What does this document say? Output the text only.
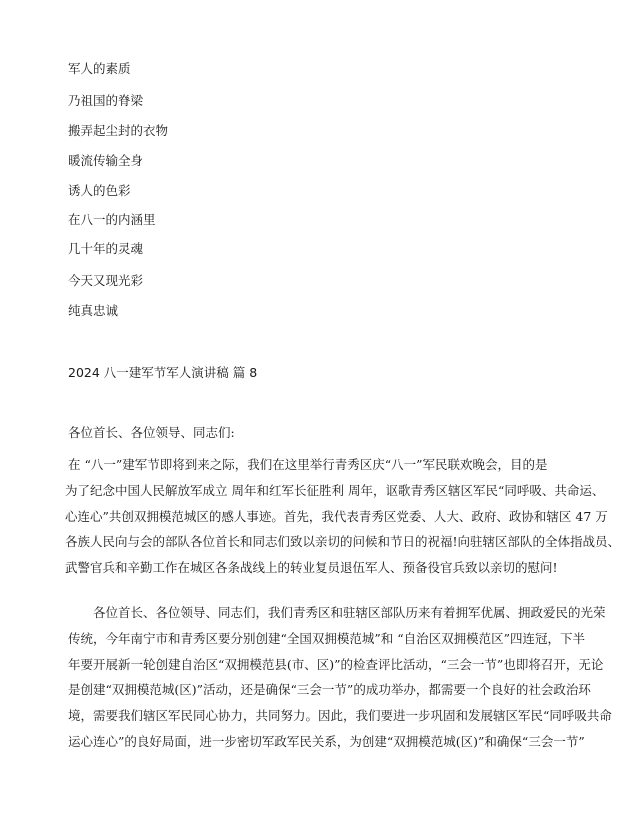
军人的素质
乃祖国的脊梁
搬弄起尘封的衣物
暖流传输全身
诱人的色彩
在八一的内涵里
几十年的灵魂
今天又现光彩
纯真忠诚
2024 八一建军节军人演讲稿 篇 8
各位首长、各位领导、同志们:
在 “八一”建军节即将到来之际，我们在这里举行青秀区庆“八一”军民联欢晚会，目的是
为了纪念中国人民解放军成立 周年和红军长征胜利 周年，讴歌青秀区辖区军民“同呼吸、共命运、
心连心”共创双拥模范城区的感人事迹。首先，我代表青秀区党委、人大、政府、政协和辖区 47 万
各族人民向与会的部队各位首长和同志们致以亲切的问候和节日的祝福!向驻辖区部队的全体指战员、
武警官兵和辛勤工作在城区各条战线上的转业复员退伍军人、预备役官兵致以亲切的慰问!
各位首长、各位领导、同志们，我们青秀区和驻辖区部队历来有着拥军优属、拥政爱民的光荣
传统，今年南宁市和青秀区要分别创建“全国双拥模范城”和 “自治区双拥模范区”四连冠，下半
年要开展新一轮创建自治区“双拥模范县(市、区)”的检查评比活动，“三会一节”也即将召开，无论
是创建“双拥模范城(区)”活动，还是确保“三会一节”的成功举办，都需要一个良好的社会政治环
境，需要我们辖区军民同心协力，共同努力。因此，我们要进一步巩固和发展辖区军民“同呼吸共命
运心连心”的良好局面，进一步密切军政军民关系，为创建“双拥模范城(区)”和确保“三会一节”
